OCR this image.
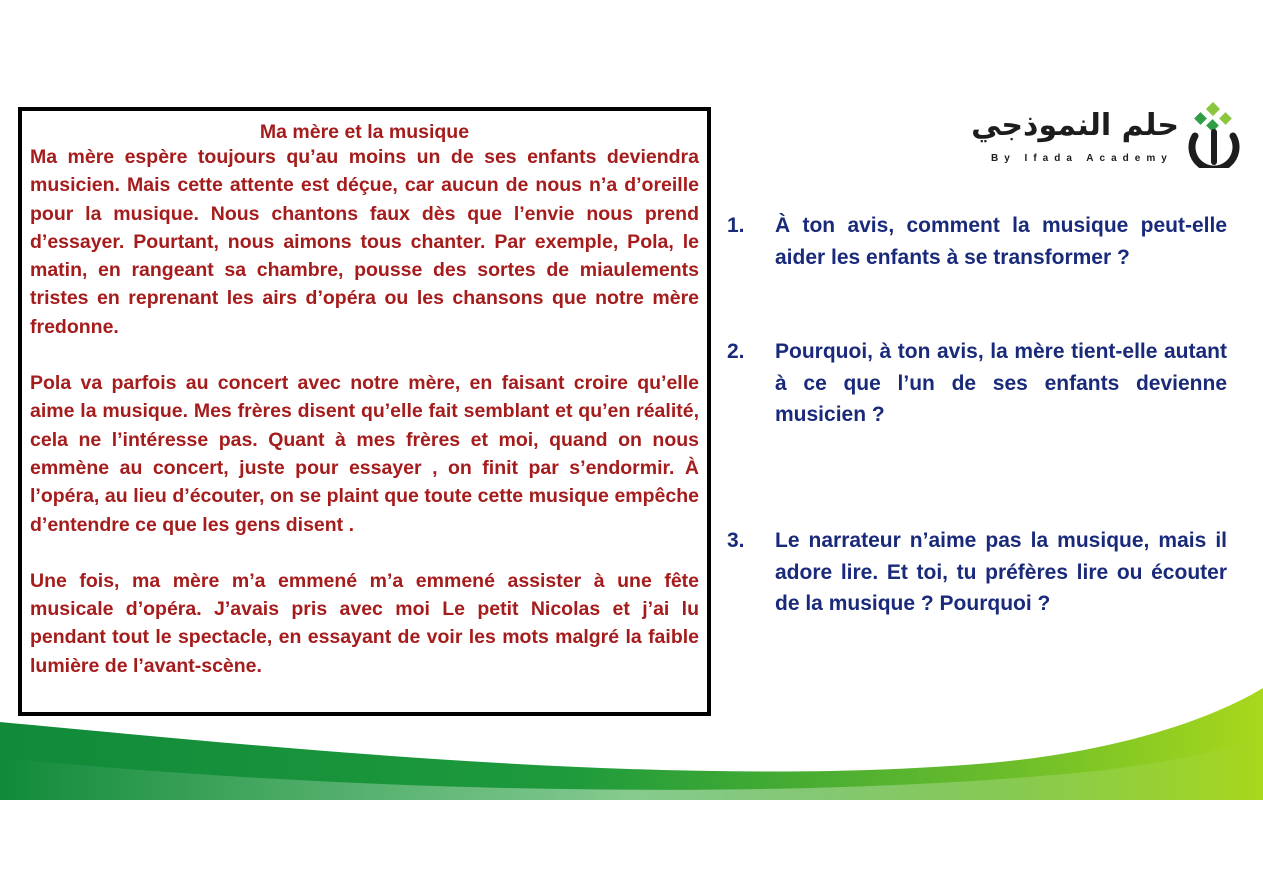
Ma mère et la musique

Ma mère espère toujours qu’au moins un de ses enfants deviendra musicien. Mais cette attente est déçue, car aucun de nous n’a d’oreille pour la musique. Nous chantons faux dès que l’envie nous prend d’essayer. Pourtant, nous aimons tous chanter. Par exemple, Pola, le matin, en rangeant sa chambre, pousse des sortes de miaulements tristes en reprenant les airs d’opéra ou les chansons que notre mère fredonne.

Pola va parfois au concert avec notre mère, en faisant croire qu’elle aime la musique. Mes frères disent qu’elle fait semblant et qu’en réalité, cela ne l’intéresse pas. Quant à mes frères et moi, quand on nous emmène au concert, juste pour essayer , on finit par s’endormir. À l’opéra, au lieu d’écouter, on se plaint que toute cette musique empêche d’entendre ce que les gens disent .

Une fois, ma mère m’a emmené m’a emmené assister à une fête musicale d’opéra. J’avais pris avec moi Le petit Nicolas et j’ai lu pendant tout le spectacle, en essayant de voir les mots malgré la faible lumière de l’avant-scène.

حلم النموذجي
By Ifada Academy
1. À ton avis, comment la musique peut-elle aider les enfants à se transformer ?
2. Pourquoi, à ton avis, la mère tient-elle autant à ce que l’un de ses enfants devienne musicien ?
3. Le narrateur n’aime pas la musique, mais il adore lire. Et toi, tu préfères lire ou écouter de la musique ? Pourquoi ?
